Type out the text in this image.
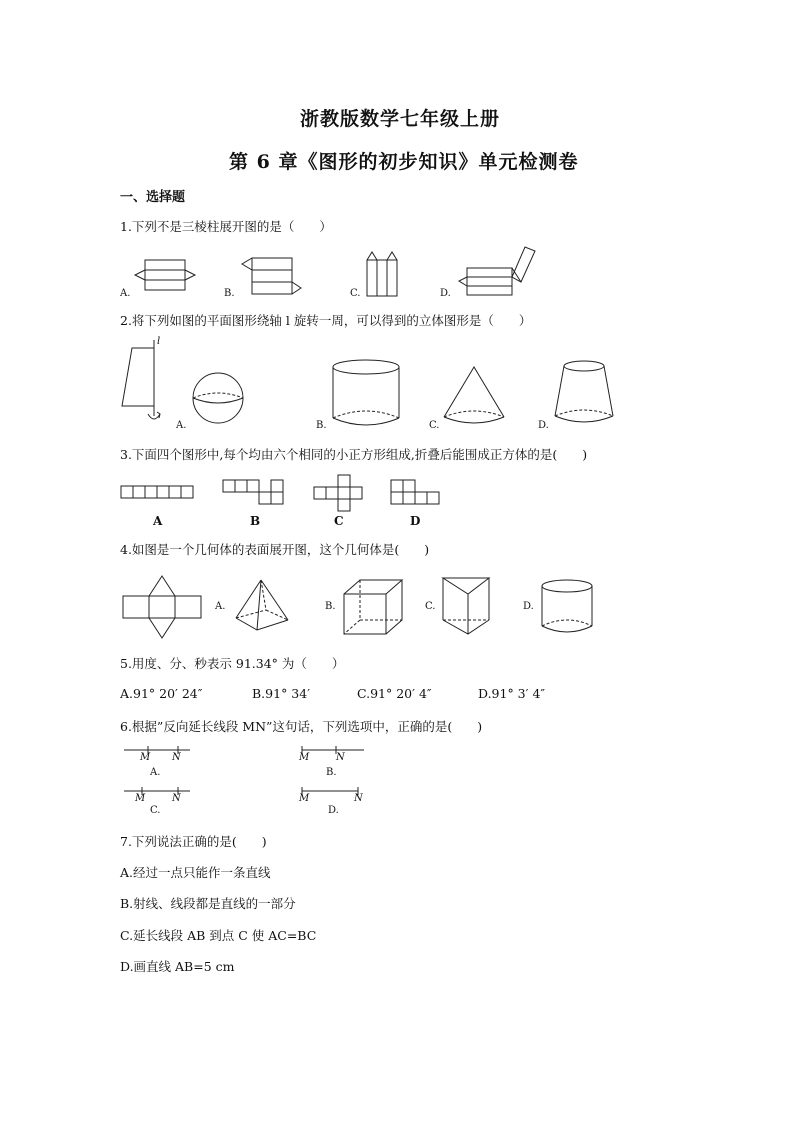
浙教版数学七年级上册
第 6 章《图形的初步知识》单元检测卷
一、选择题
1.下列不是三棱柱展开图的是（　　）
A.	B.	C.	D.
2.将下列如图的平面图形绕轴 l 旋转一周，可以得到的立体图形是（　　）
l
A.	B.	C.	D.
3.下面四个图形中,每个均由六个相同的小正方形组成,折叠后能围成正方体的是(　　)
A	B	C	D
4.如图是一个几何体的表面展开图，这个几何体是(　　)
A.	B.	C.	D.
5.用度、分、秒表示 91.34° 为（　　）
A.91° 20′ 24″	B.91° 34′	C.91° 20′ 4″	D.91° 3′ 4″
6.根据”反向延长线段 MN”这句话，下列选项中，正确的是(　　)
M N
A.
M	N
B.
M	N
C.
M	N
D.
7.下列说法正确的是(　　)
A.经过一点只能作一条直线
B.射线、线段都是直线的一部分
C.延长线段 AB 到点 C 使 AC=BC
D.画直线 AB=5 cm
